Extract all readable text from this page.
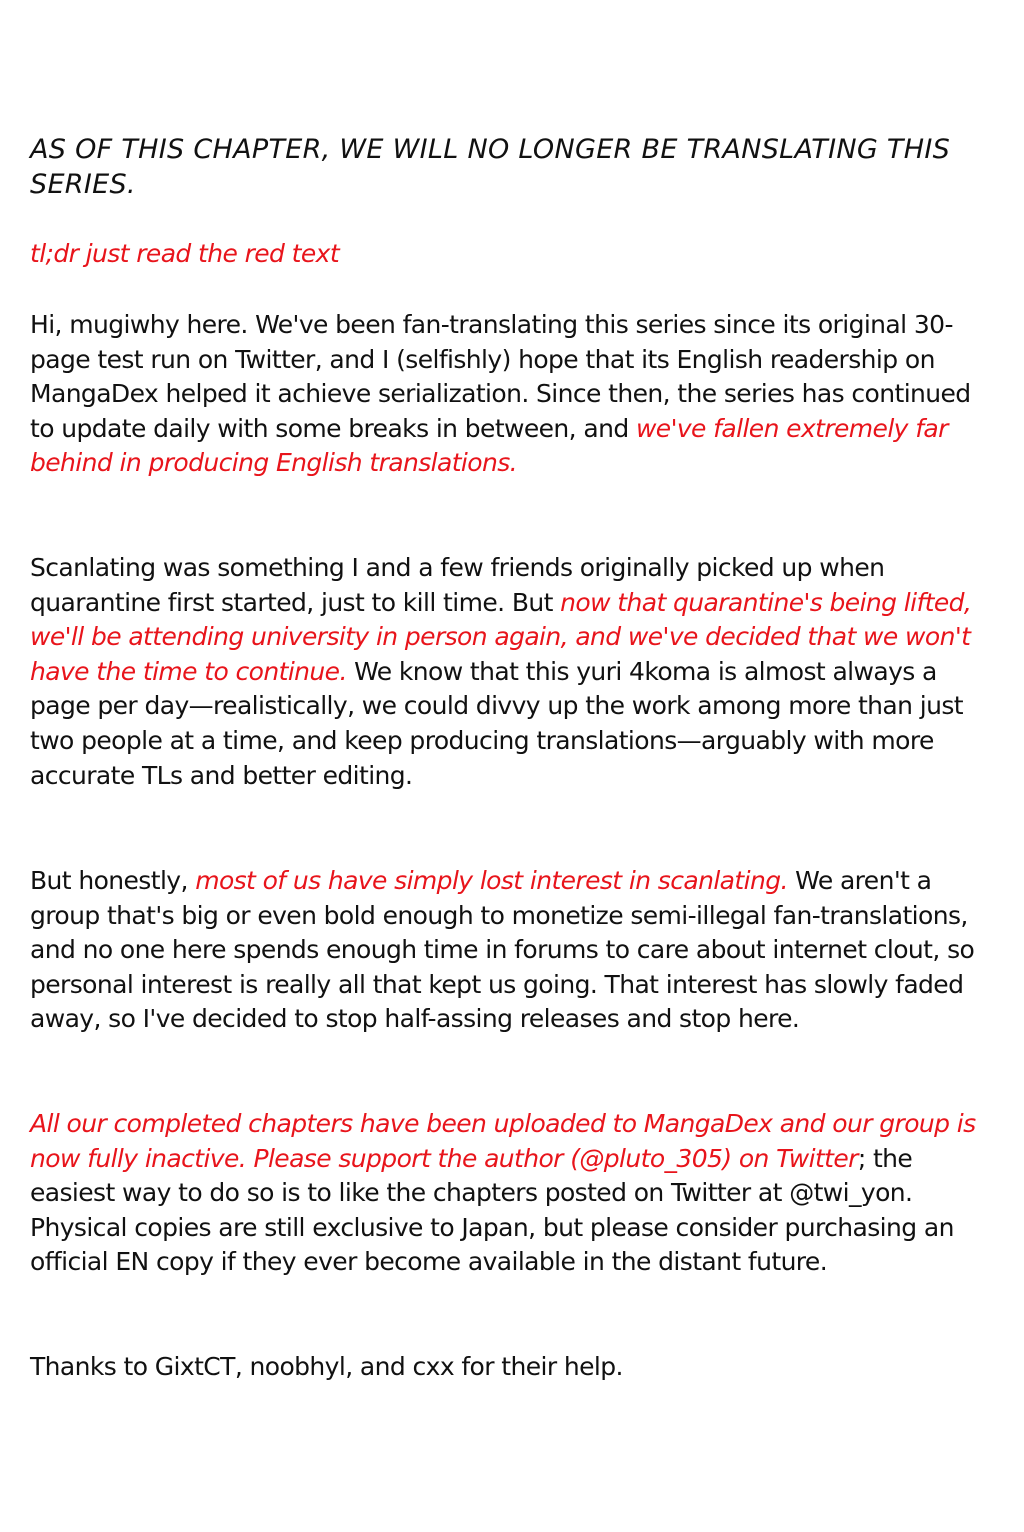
AS OF THIS CHAPTER, WE WILL NO LONGER BE TRANSLATING THIS SERIES.

tl;dr just read the red text

Hi, mugiwhy here. We've been fan-translating this series since its original 30-page test run on Twitter, and I (selfishly) hope that its English readership on MangaDex helped it achieve serialization. Since then, the series has continued to update daily with some breaks in between, and we've fallen extremely far behind in producing English translations.

Scanlating was something I and a few friends originally picked up when quarantine first started, just to kill time. But now that quarantine's being lifted, we'll be attending university in person again, and we've decided that we won't have the time to continue. We know that this yuri 4koma is almost always a page per day—realistically, we could divvy up the work among more than just two people at a time, and keep producing translations—arguably with more accurate TLs and better editing.

But honestly, most of us have simply lost interest in scanlating. We aren't a group that's big or even bold enough to monetize semi-illegal fan-translations, and no one here spends enough time in forums to care about internet clout, so personal interest is really all that kept us going. That interest has slowly faded away, so I've decided to stop half-assing releases and stop here.

All our completed chapters have been uploaded to MangaDex and our group is now fully inactive. Please support the author (@pluto_305) on Twitter; the easiest way to do so is to like the chapters posted on Twitter at @twi_yon. Physical copies are still exclusive to Japan, but please consider purchasing an official EN copy if they ever become available in the distant future.

Thanks to GixtCT, noobhyl, and cxx for their help.
